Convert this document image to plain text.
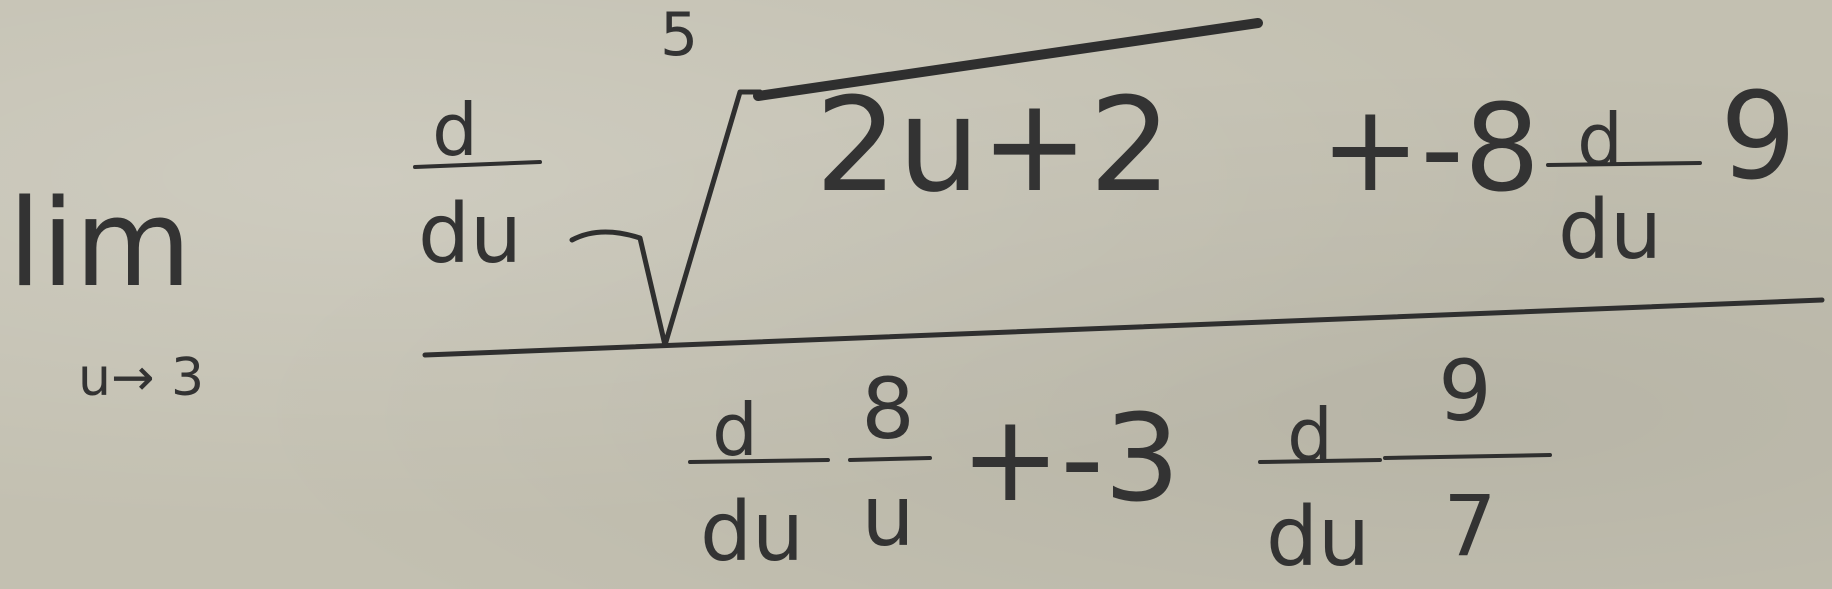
lim
u→ 3
d
du
5
2u+2 +-8 d
du
9
d
du
8
u +-3 d
du
9
7
